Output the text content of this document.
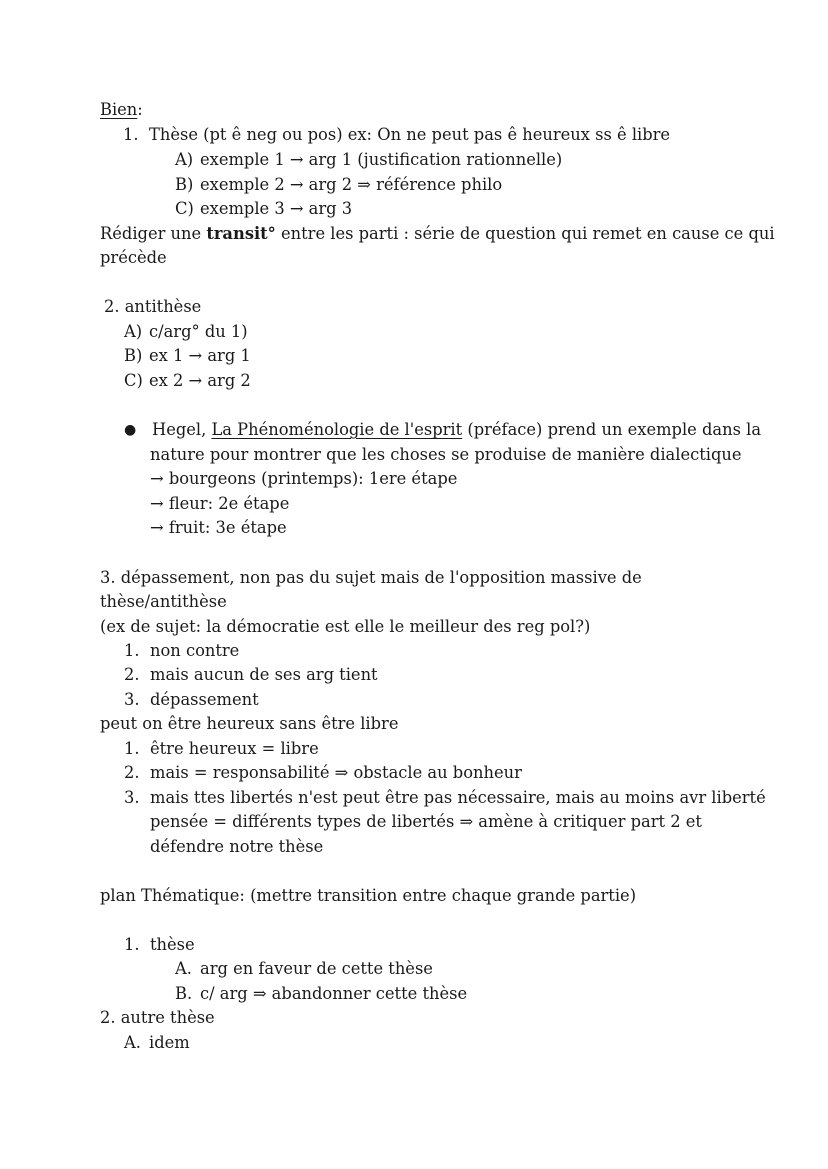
Bien:
1. Thèse (pt ê neg ou pos) ex: On ne peut pas ê heureux ss ê libre
A) exemple 1 → arg 1 (justification rationnelle)
B) exemple 2 → arg 2 ⇒ référence philo
C) exemple 3 → arg 3
Rédiger une transit° entre les parti : série de question qui remet en cause ce qui
précède
2. antithèse
A) c/arg° du 1)
B) ex 1 → arg 1
C) ex 2 → arg 2
● Hegel, La Phénoménologie de l'esprit (préface) prend un exemple dans la
nature pour montrer que les choses se produise de manière dialectique
→ bourgeons (printemps): 1ere étape
→ fleur: 2e étape
→ fruit: 3e étape
3. dépassement, non pas du sujet mais de l'opposition massive de
thèse/antithèse
(ex de sujet: la démocratie est elle le meilleur des reg pol?)
1. non contre
2. mais aucun de ses arg tient
3. dépassement
peut on être heureux sans être libre
1. être heureux = libre
2. mais = responsabilité ⇒ obstacle au bonheur
3. mais ttes libertés n'est peut être pas nécessaire, mais au moins avr liberté
pensée = différents types de libertés ⇒ amène à critiquer part 2 et
défendre notre thèse
plan Thématique: (mettre transition entre chaque grande partie)
1. thèse
A. arg en faveur de cette thèse
B. c/ arg ⇒ abandonner cette thèse
2. autre thèse
A. idem
